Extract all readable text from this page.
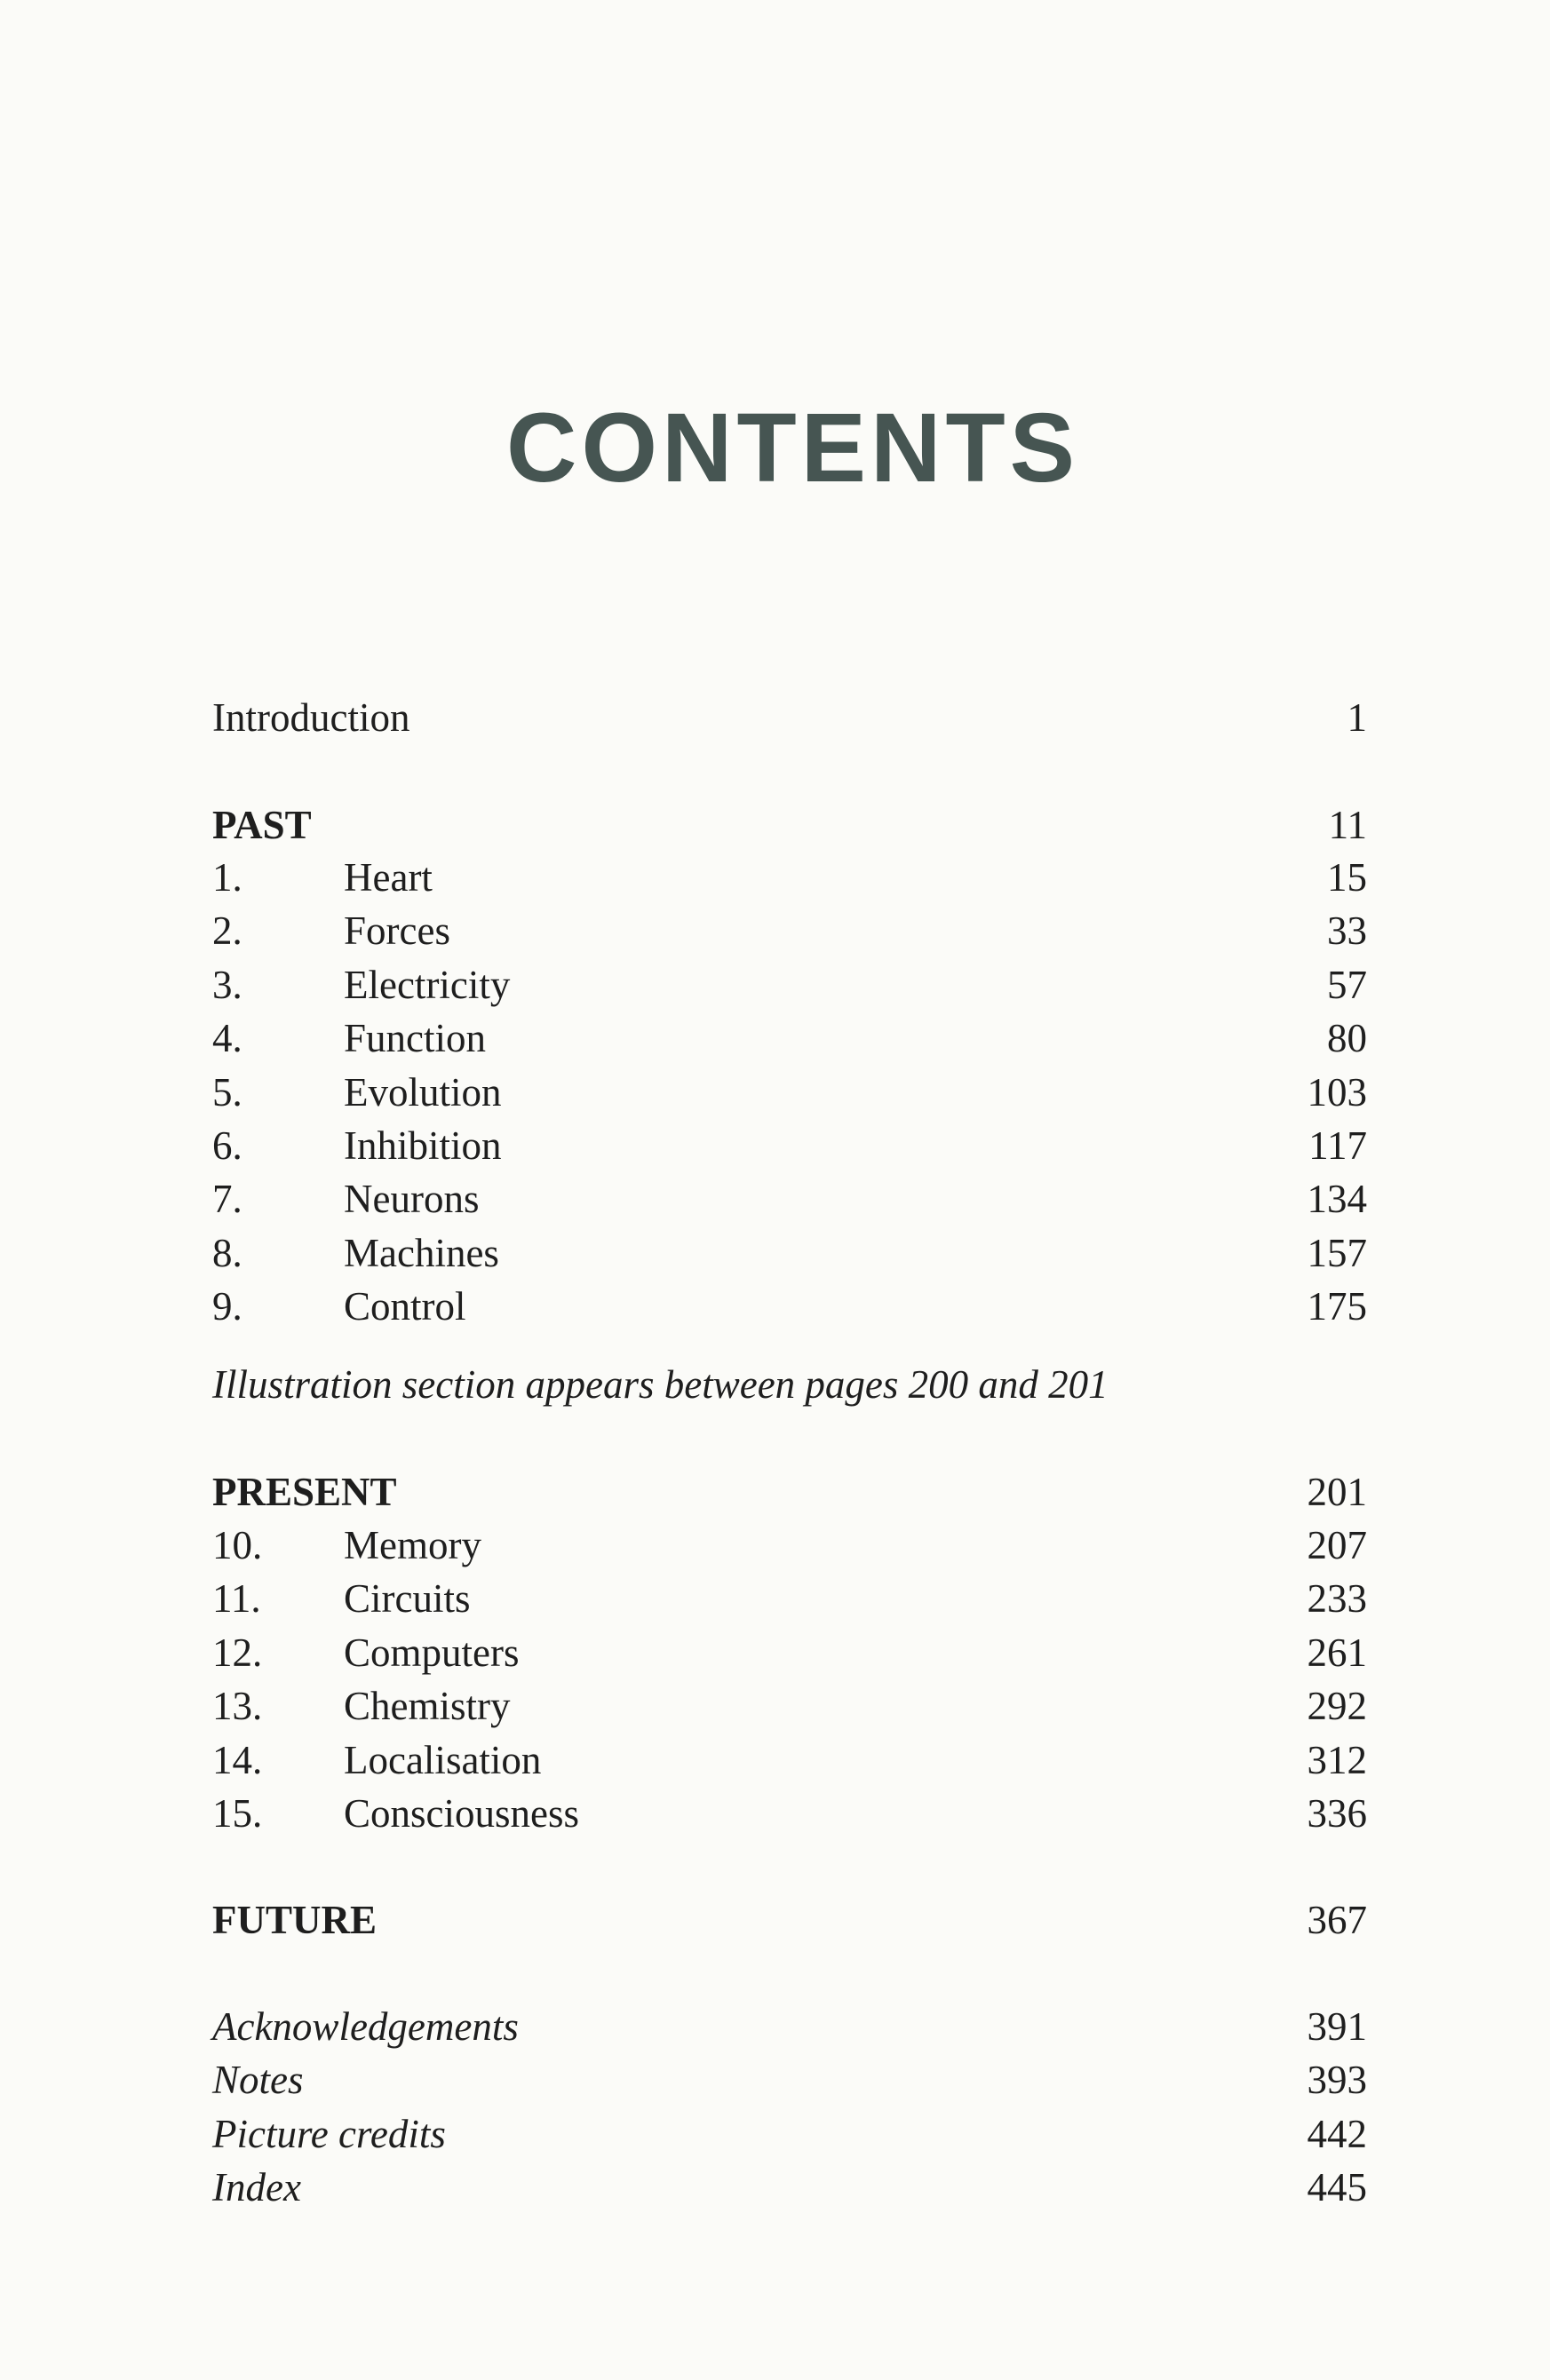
CONTENTS
Introduction	1
PAST	11
1.	Heart	15
2.	Forces	33
3.	Electricity	57
4.	Function	80
5.	Evolution	103
6.	Inhibition	117
7.	Neurons	134
8.	Machines	157
9.	Control	175
Illustration section appears between pages 200 and 201
PRESENT	201
10. Memory	207
11. Circuits	233
12. Computers	261
13. Chemistry	292
14. Localisation	312
15. Consciousness	336
FUTURE	367
Acknowledgements	391
Notes	393
Picture credits	442
Index	445
